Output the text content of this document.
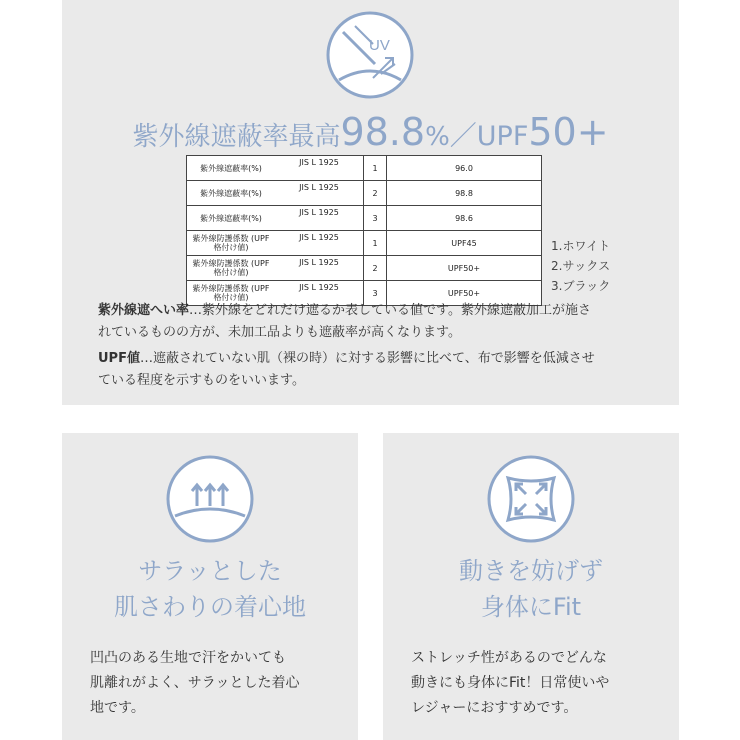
UV
紫外線遮蔽率最高98.8%／UPF50+
紫外線遮蔽率(%)	JIS L 1925	1	96.0
紫外線遮蔽率(%)	JIS L 1925	2	98.8
紫外線遮蔽率(%)	JIS L 1925	3	98.6
紫外線防護係数 (UPF格付け値)	JIS L 1925	1	UPF45
紫外線防護係数 (UPF格付け値)	JIS L 1925	2	UPF50+
紫外線防護係数 (UPF格付け値)	JIS L 1925	3	UPF50+
1.ホワイト
2.サックス
3.ブラック
紫外線遮へい率…紫外線をどれだけ遮るか表している値です。紫外線遮蔽加工が施さ
れているものの方が、未加工品よりも遮蔽率が高くなります。
UPF値…遮蔽されていない肌（裸の時）に対する影響に比べて、布で影響を低減させ
ている程度を示すものをいいます。
サラッとした
肌さわりの着心地
凹凸のある生地で汗をかいても
肌離れがよく、サラッとした着心
地です。
動きを妨げず
身体にFit
ストレッチ性があるのでどんな
動きにも身体にFit！日常使いや
レジャーにおすすめです。
